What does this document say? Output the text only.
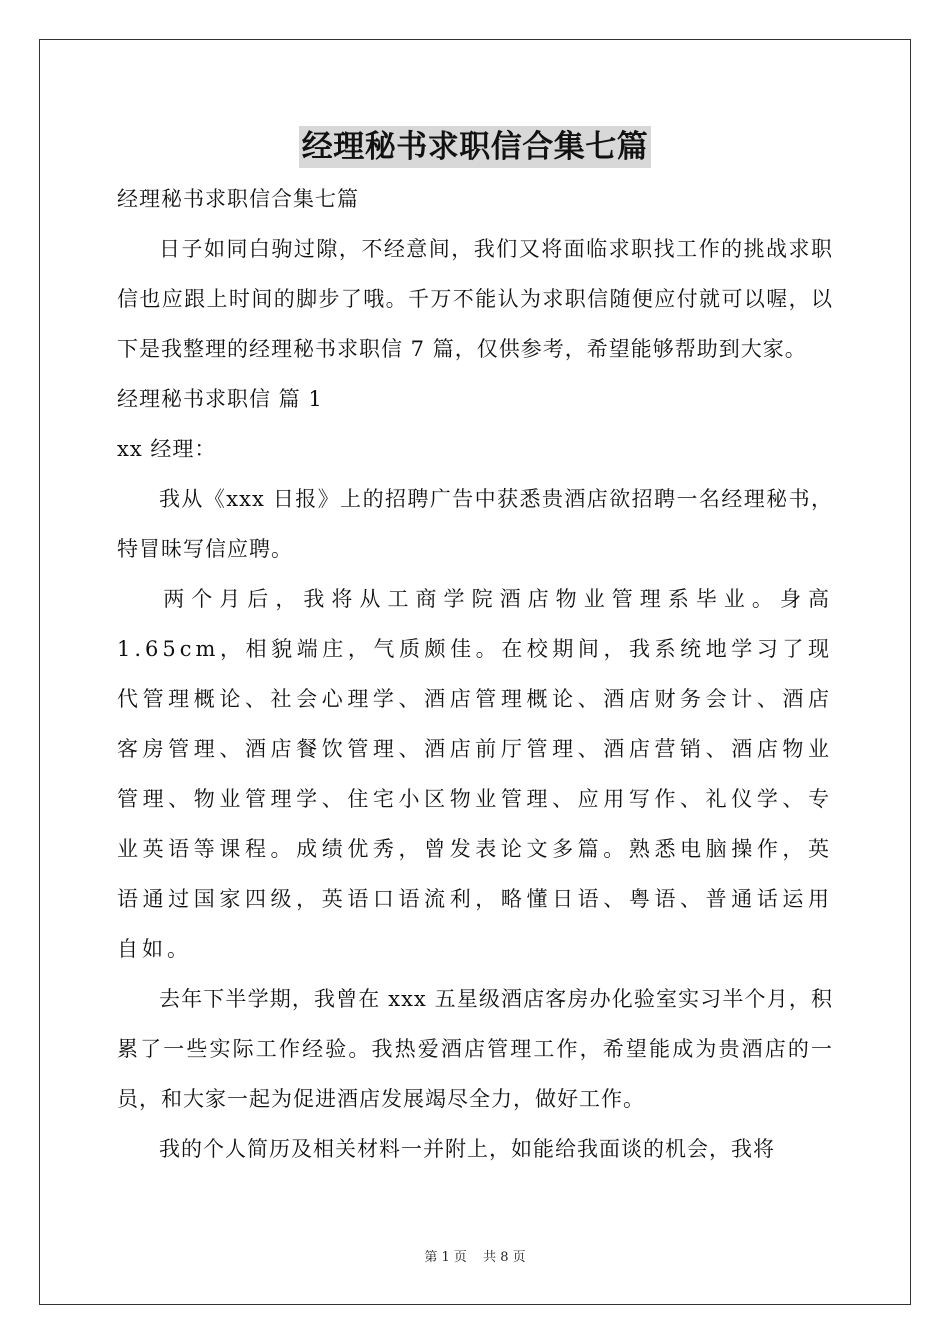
经理秘书求职信合集七篇

经理秘书求职信合集七篇

日子如同白驹过隙，不经意间，我们又将面临求职找工作的挑战求职信也应跟上时间的脚步了哦。千万不能认为求职信随便应付就可以喔，以下是我整理的经理秘书求职信 7 篇，仅供参考，希望能够帮助到大家。

经理秘书求职信 篇 1

xx 经理：

我从《xxx 日报》上的招聘广告中获悉贵酒店欲招聘一名经理秘书，特冒昧写信应聘。

两个月后，我将从工商学院酒店物业管理系毕业。身高 1.65cm，相貌端庄，气质颇佳。在校期间，我系统地学习了现代管理概论、社会心理学、酒店管理概论、酒店财务会计、酒店客房管理、酒店餐饮管理、酒店前厅管理、酒店营销、酒店物业管理、物业管理学、住宅小区物业管理、应用写作、礼仪学、专业英语等课程。成绩优秀，曾发表论文多篇。熟悉电脑操作，英语通过国家四级，英语口语流利，略懂日语、粤语、普通话运用自如。

去年下半学期，我曾在 xxx 五星级酒店客房办化验室实习半个月，积累了一些实际工作经验。我热爱酒店管理工作，希望能成为贵酒店的一员，和大家一起为促进酒店发展竭尽全力，做好工作。

我的个人简历及相关材料一并附上，如能给我面谈的机会，我将

第 1 页 共 8 页
